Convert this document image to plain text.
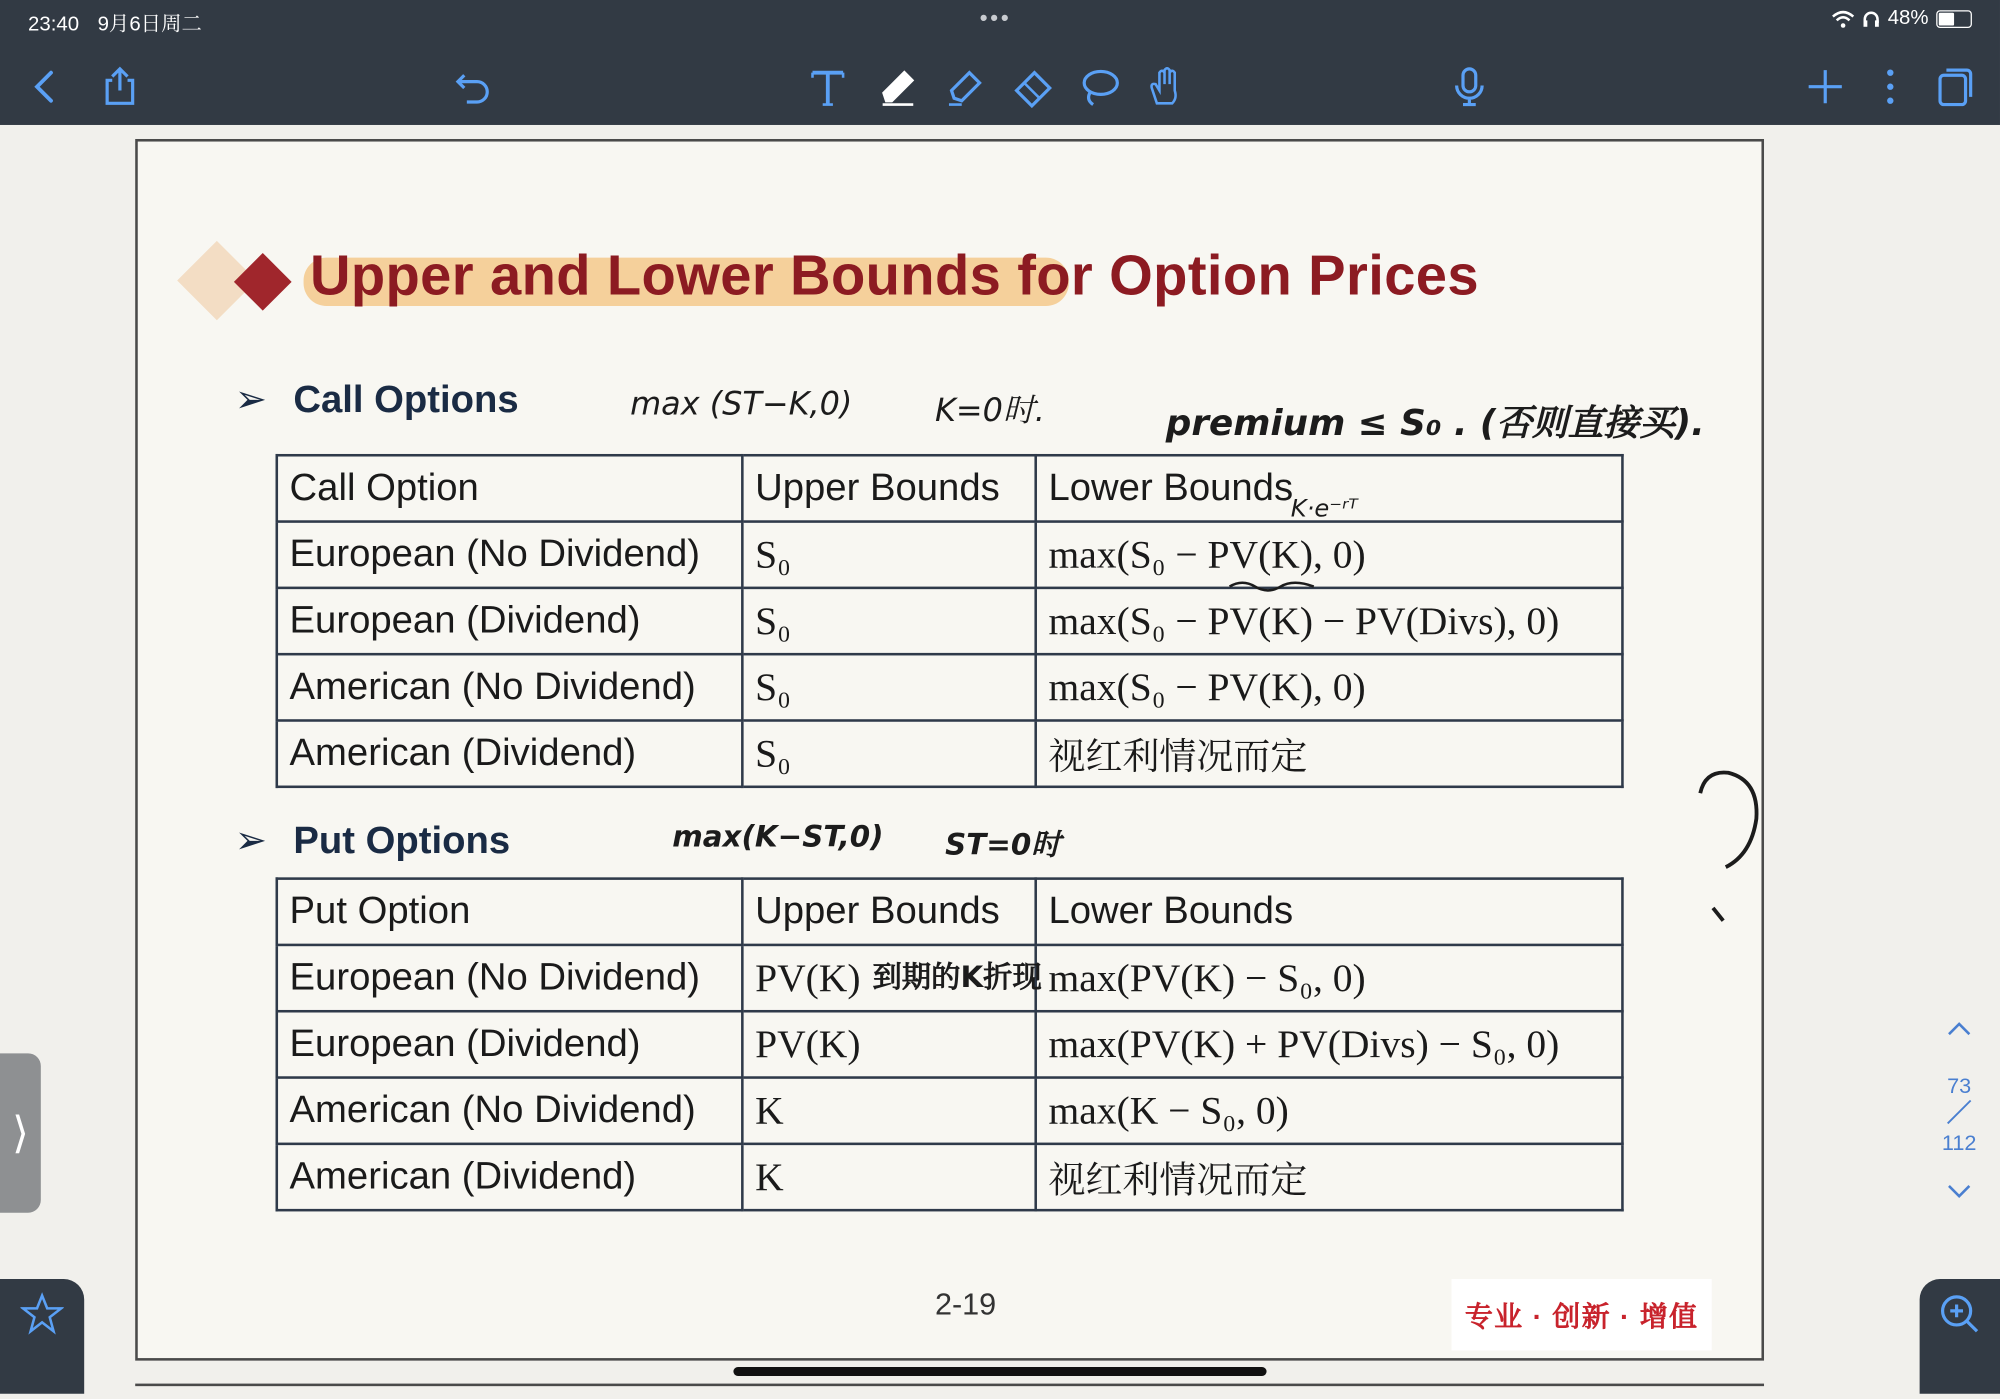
23:40 9月6日周二	•••	48%
Upper and Lower Bounds for Option Prices
➢ Call Options	max (ST−K,0)	K=0时.	premium ≤ S₀ . (否则直接买).
Call Option	Upper Bounds	Lower Bounds
European (No Dividend)	S₀	max(S₀ − PV(K), 0)
European (Dividend)	S₀	max(S₀ − PV(K) − PV(Divs), 0)
American (No Dividend)	S₀	max(S₀ − PV(K), 0)
American (Dividend)	S₀	视红利情况而定
K·e⁻ʳᵀ
➢ Put Options	max(K−ST,0)	ST=0时
Put Option	Upper Bounds	Lower Bounds
European (No Dividend)	PV(K)	max(PV(K) − S₀, 0)
European (Dividend)	PV(K)	max(PV(K) + PV(Divs) − S₀, 0)
American (No Dividend)	K	max(K − S₀, 0)
American (Dividend)	K	视红利情况而定
到期的K折现
2-19	专业 · 创新 · 增值
⟩
73
112
